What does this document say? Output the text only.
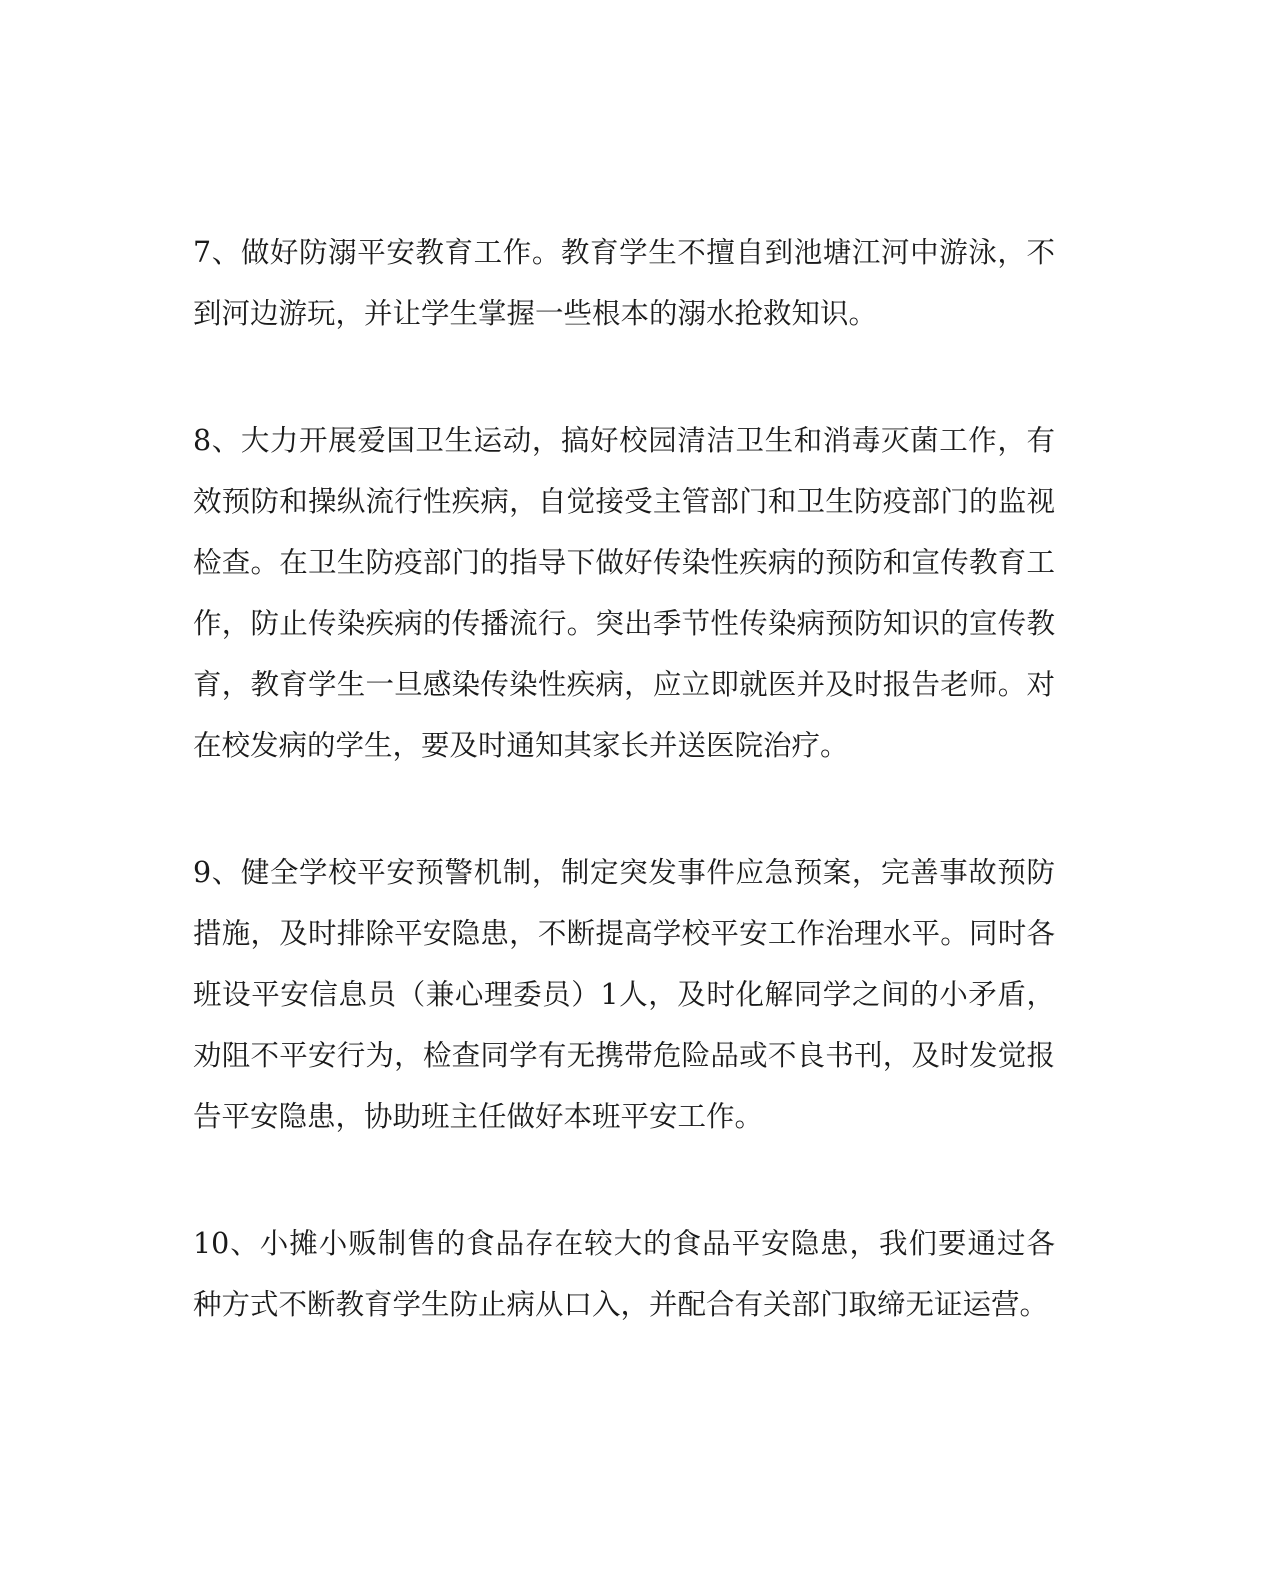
7、做好防溺平安教育工作。教育学生不擅自到池塘江河中游泳，不到河边游玩，并让学生掌握一些根本的溺水抢救知识。

8、大力开展爱国卫生运动，搞好校园清洁卫生和消毒灭菌工作，有效预防和操纵流行性疾病，自觉接受主管部门和卫生防疫部门的监视检查。在卫生防疫部门的指导下做好传染性疾病的预防和宣传教育工作，防止传染疾病的传播流行。突出季节性传染病预防知识的宣传教育，教育学生一旦感染传染性疾病，应立即就医并及时报告老师。对在校发病的学生，要及时通知其家长并送医院治疗。

9、健全学校平安预警机制，制定突发事件应急预案，完善事故预防措施，及时排除平安隐患，不断提高学校平安工作治理水平。同时各班设平安信息员（兼心理委员）1人，及时化解同学之间的小矛盾，劝阻不平安行为，检查同学有无携带危险品或不良书刊，及时发觉报告平安隐患，协助班主任做好本班平安工作。

10、小摊小贩制售的食品存在较大的食品平安隐患，我们要通过各种方式不断教育学生防止病从口入，并配合有关部门取缔无证运营。
